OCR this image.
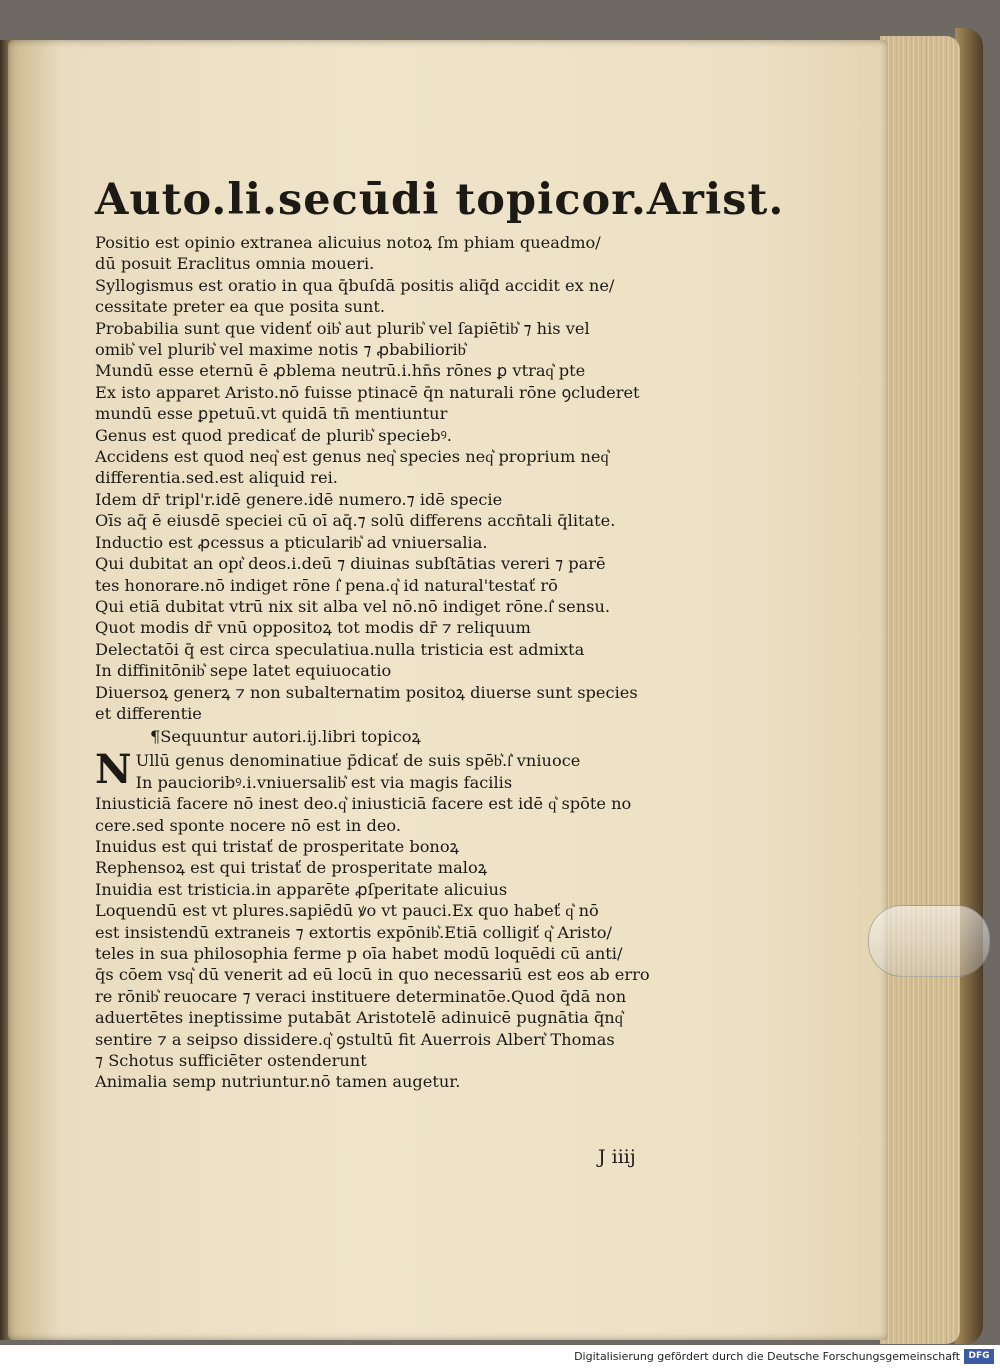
Auto.li.secūdi topicor.Arist.
Positio est opinio extranea alicuius notoꝝ ſm phiam queadmo/
dū posuit Eraclitus omnia moueri.
Syllogismus est oratio in qua q̄buſdā positis aliq̄d accidit ex ne/
cessitate preter ea que posita sunt.
Probabilia sunt que videnť oib͛ aut plurib͛ vel ſapiētib͛ ⁊ his vel
omib͛ vel plurib͛ vel maxime notis ⁊ ꝓbabiliorib͛
Mundū esse eternū ē ꝓblema neutrū.i.hn̄s rōnes ꝑ vtraq͛ pte
Ex isto apparet Aristo.nō fuisse ptinacē q̄n naturali rōne ꝯcluderet
mundū esse ꝑpetuū.vt quidā tn̄ mentiuntur
Genus est quod predicať de plurib͛ speciebꝰ.
Accidens est quod neq͛ est genus neq͛ species neq͛ proprium neq͛
differentia.sed.est aliquid rei.
Idem dr̄ tripl'r.idē genere.idē numero.⁊ idē specie
Oīs aq̄ ē eiusdē speciei cū oī aq̄.⁊ solū differens accn̄tali q̄litate.
Inductio est ꝓcessus a pticularib͛ ad vniuersalia.
Qui dubitat an opt͛ deos.i.deū ⁊ diuinas subſtātias vereri ⁊ parē
tes honorare.nō indiget rōne ſ͛ pena.q͛ id natural'testať rō
Qui etiā dubitat vtrū nix sit alba vel nō.nō indiget rōne.ſ͛ sensu.
Quot modis dr̄ vnū oppositoꝝ tot modis dr̄ ⁊ reliquum
Delectatōi q̄ est circa speculatiua.nulla tristicia est admixta
In diffinitōnib͛ sepe latet equiuocatio
Diuersoꝝ generꝝ ⁊ non subalternatim positoꝝ diuerse sunt species
et differentie
¶Sequuntur autori.ij.libri topicoꝝ
N Ullū genus denominatiue p̄dicať de suis spēb͛.ſ͛ vniuoce
In paucioribꝰ.i.vniuersalib͛ est via magis facilis
Iniusticiā facere nō inest deo.q͛ iniusticiā facere est idē q͛ spōte no
cere.sed sponte nocere nō est in deo.
Inuidus est qui tristať de prosperitate bonoꝝ
Rephensoꝝ est qui tristať de prosperitate maloꝝ
Inuidia est tristicia.in apparēte ꝓſperitate alicuius
Loquendū est vt plures.sapiēdū ꝟo vt pauci.Ex quo habeť q͛ nō
est insistendū extraneis ⁊ extortis expōnib͛.Etiā colligiť q͛ Aristo/
teles in sua philosophia ferme p oīa habet modū loquēdi cū anti/
q̄s cōem vsq͛ dū venerit ad eū locū in quo necessariū est eos ab erro
re rōnib͛ reuocare ⁊ veraci instituere determinatōe.Quod q̄dā non
aduertētes ineptissime putabāt Aristotelē adinuicē pugnātia q̄nq͛
sentire ⁊ a seipso dissidere.q͛ ꝯstultū fit Auerrois Albert͛ Thomas
⁊ Schotus sufficiēter ostenderunt
Animalia semp nutriuntur.nō tamen augetur.
J iiij
Digitalisierung gefördert durch die Deutsche Forschungsgemeinschaft DFG
